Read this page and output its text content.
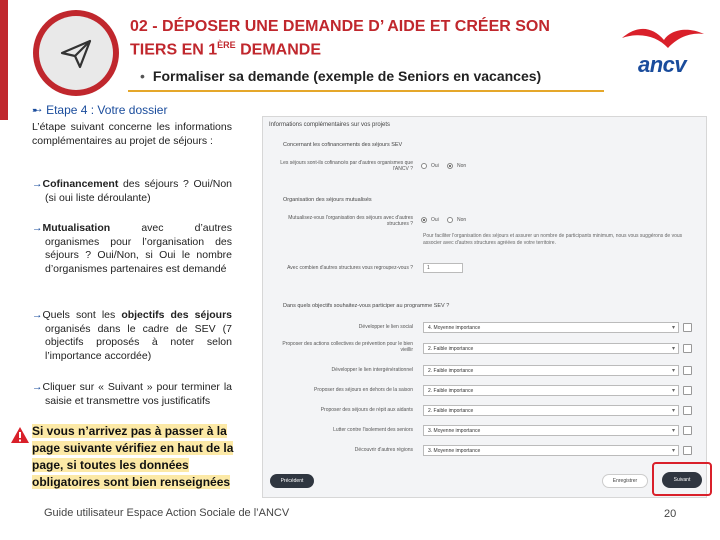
02 - DÉPOSER UNE DEMANDE D’ AIDE ET CRÉER SON
TIERS EN 1ÈRE DEMANDE
ancv
• Formaliser sa demande (exemple de Seniors en vacances)
➸ Etape 4 : Votre dossier
L’étape suivant concerne les informations complémentaires au projet de séjours :
→Cofinancement des séjours ? Oui/Non (si oui liste déroulante)
→Mutualisation avec d’autres organismes pour l’organisation des séjours ? Oui/Non, si Oui le nombre d’organismes partenaires est demandé
→Quels sont les objectifs des séjours organisés dans le cadre de SEV (7 objectifs proposés à noter selon l’importance accordée)
→Cliquer sur « Suivant » pour terminer la saisie et transmettre vos justificatifs
Si vous n’arrivez pas à passer à la
page suivante vérifiez en haut de la
page, si toutes les données
obligatoires sont bien renseignées
Informations complémentaires sur vos projets
Concernant les cofinancements des séjours SEV
Les séjours sont-ils cofinancés par d'autres organismes que l'ANCV ?	Oui	Non
Organisation des séjours mutualisés
Mutualisez-vous l'organisation des séjours avec d'autres structures ?
Oui	Non
Pour faciliter l'organisation des séjours et assurer un nombre de participants minimum, nous vous suggérons de vous associer avec d'autres structures agréées de votre territoire.
Avec combien d'autres structures vous regroupez-vous ?	1
Dans quels objectifs souhaitez-vous participer au programme SEV ?
Développer le lien social	4. Moyenne importance ▾
Proposer des actions collectives de prévention pour le bien vieillir	2. Faible importance ▾
Développer le lien intergénérationnel	2. Faible importance ▾
Proposer des séjours en dehors de la saison	2. Faible importance ▾
Proposer des séjours de répit aux aidants	2. Faible importance ▾
Lutter contre l'isolement des seniors	3. Moyenne importance ▾
Découvrir d'autres régions	3. Moyenne importance ▾
Précédent	Enregistrer	Suivant
Guide utilisateur Espace Action Sociale de l’ANCV	20
